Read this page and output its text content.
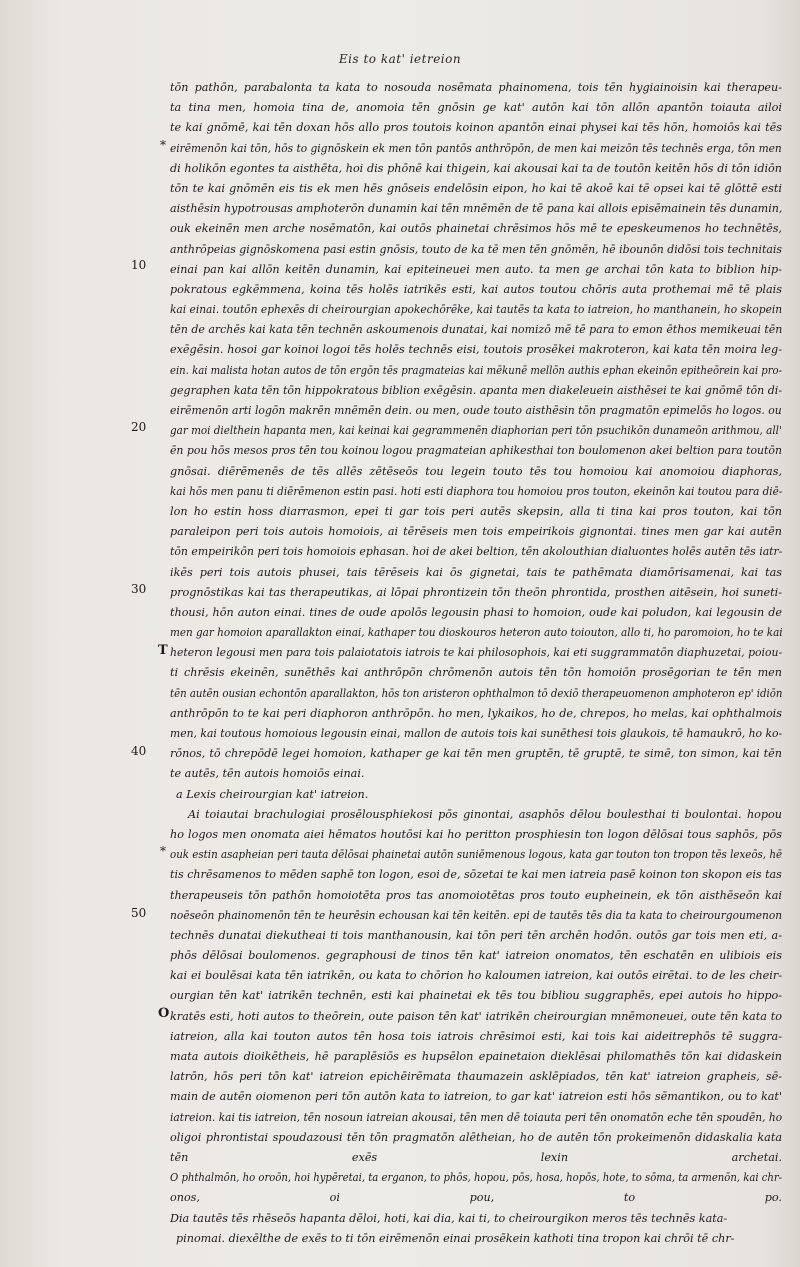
Eis to kat' ietreion
10
20
30
40
50
*
*
T
O
tōn pathōn, parabalonta ta kata to nosouda nosēmata phainomena, tois tēn hygiainoisin kai therapeu-
ta tina men, homoia tina de, anomoia tēn gnōsin ge kat' autōn kai tōn allōn apantōn toiauta ailoi
te kai gnōmē, kai tēn doxan hōs allo pros toutois koinon apantōn einai physei kai tēs hōn, homoiōs kai tēs
eirēmenōn kai tōn, hōs to gignōskein ek men tōn pantōs anthrōpōn, de men kai meizōn tēs technēs erga, tōn men
di holikōn egontes ta aisthēta, hoi dis phōnē kai thigein, kai akousai kai ta de toutōn keitēn hōs di tōn idiōn
tōn te kai gnōmēn eis tis ek men hēs gnōseis endelōsin eipon, ho kai tē akoē kai tē opsei kai tē glōttē esti
aisthēsin hypotrousas amphoterōn dunamin kai tēn mnēmēn de tē pana kai allois episēmainein tēs dunamin,
ouk ekeinēn men arche nosēmatōn, kai outōs phainetai chrēsimos hōs mē te epeskeumenos ho technētēs,
anthrōpeias gignōskomena pasi estin gnōsis, touto de ka tē men tēn gnōmēn, hē ibounōn didōsi tois technitais
einai pan kai allōn keitēn dunamin, kai epiteineuei men auto. ta men ge archai tōn kata to biblion hip-
pokratous egkēmmena, koina tēs holēs iatrikēs esti, kai autos toutou chōris auta prothemai mē tē plais
kai einai. toutōn ephexēs di cheirourgian apokechōrēke, kai tautēs ta kata to iatreion, ho manthanein, ho skopein
tēn de archēs kai kata tēn technēn askoumenois dunatai, kai nomizō mē tē para to emon ēthos memikeuai tēn
exēgēsin. hosoi gar koinoi logoi tēs holēs technēs eisi, toutois prosēkei makroteron, kai kata tēn moira leg-
ein. kai malista hotan autos de tōn ergōn tēs pragmateias kai mēkunē mellōn authis ephan ekeinōn epitheōrein kai pro-
gegraphen kata tēn tōn hippokratous biblion exēgēsin. apanta men diakeleuein aisthēsei te kai gnōmē tōn di-
eirēmenōn arti logōn makrēn mnēmēn dein. ou men, oude touto aisthēsin tōn pragmatōn epimelōs ho logos. ou
gar moi dielthein hapanta men, kai keinai kai gegrammenēn diaphorian peri tōn psuchikōn dunameōn arithmou, all'
ēn pou hōs mesos pros tēn tou koinou logou pragmateian aphikesthai ton boulomenon akei beltion para toutōn
gnōsai. diērēmenēs de tēs allēs zētēseōs tou legein touto tēs tou homoiou kai anomoiou diaphoras,
kai hōs men panu ti diērēmenon estin pasi. hoti esti diaphora tou homoiou pros touton, ekeinōn kai toutou para diē-
lon ho estin hoss diarrasmon, epei ti gar tois peri autēs skepsin, alla ti tina kai pros touton, kai tōn
paraleipon peri tois autois homoiois, ai tērēseis men tois empeirikois gignontai. tines men gar kai autēn
tōn empeirikōn peri tois homoiois ephasan. hoi de akei beltion, tēn akolouthian dialuontes holēs autēn tēs iatr-
ikēs peri tois autois phusei, tais tērēseis kai ōs gignetai, tais te pathēmata diamōrisamenai, kai tas
prognōstikas kai tas therapeutikas, ai lōpai phrontizein tōn theōn phrontida, prosthen aitēsein, hoi suneti-
thousi, hōn auton einai. tines de oude apolōs legousin phasi to homoion, oude kai poludon, kai legousin de
men gar homoion aparallakton einai, kathaper tou dioskouros heteron auto toiouton, allo ti, ho paromoion, ho te kai
heteron legousi men para tois palaiotatois iatrois te kai philosophois, kai eti suggrammatōn diaphuzetai, poiou-
ti chrēsis ekeinēn, sunēthēs kai anthrōpōn chrōmenōn autois tēn tōn homoiōn prosēgorian te tēn men
tēn autēn ousian echontōn aparallakton, hōs ton aristeron ophthalmon tō dexiō therapeuomenon amphoteron ep' idiōn
anthrōpōn to te kai peri diaphoron anthrōpōn. ho men, lykaikos, ho de, chrepos, ho melas, kai ophthalmois
men, kai toutous homoious legousin einai, mallon de autois tois kai sunēthesi tois glaukois, tē hamaukrō, ho ko-
rōnos, tō chrepōdē legei homoion, kathaper ge kai tēn men gruptēn, tē gruptē, te simē, ton simon, kai tēn
te autēs, tēn autois homoiōs einai.
a Lexis cheirourgian kat' iatreion.
Ai toiautai brachulogiai prosēlousphiekosi pōs ginontai, asaphōs dēlou boulesthai ti boulontai. hopou
ho logos men onomata aiei hēmatos houtōsi kai ho peritton prosphiesin ton logon dēlōsai tous saphōs, pōs
ouk estin asapheian peri tauta dēlōsai phainetai autōn suniēmenous logous, kata gar touton ton tropon tēs lexeōs, hē
tis chrēsamenos to mēden saphē ton logon, esoi de, sōzetai te kai men iatreia pasē koinon ton skopon eis tas
therapeuseis tōn pathōn homoiotēta pros tas anomoiotētas pros touto eupheinein, ek tōn aisthēseōn kai
noēseōn phainomenōn tēn te heurēsin echousan kai tēn keitēn. epi de tautēs tēs dia ta kata to cheirourgoumenon
technēs dunatai diekutheai ti tois manthanousin, kai tōn peri tēn archēn hodōn. outōs gar tois men eti, a-
phōs dēlōsai boulomenos. gegraphousi de tinos tēn kat' iatreion onomatos, tēn eschatēn en ulibiois eis
kai ei boulēsai kata tēn iatrikēn, ou kata to chōrion ho kaloumen iatreion, kai outōs eirētai. to de les cheir-
ourgian tēn kat' iatrikēn technēn, esti kai phainetai ek tēs tou bibliou suggraphēs, epei autois ho hippo-
kratēs esti, hoti autos to theōrein, oute paison tēn kat' iatrikēn cheirourgian mnēmoneuei, oute tēn kata to
iatreion, alla kai touton autos tēn hosa tois iatrois chrēsimoi esti, kai tois kai aideitrephōs tē suggra-
mata autois dioikētheis, hē paraplēsiōs es hupsēlon epainetaion dieklēsai philomathēs tōn kai didaskein
latrōn, hōs peri tōn kat' iatreion epichēirēmata thaumazein asklēpiados, tēn kat' iatreion grapheis, sē-
main de autēn oiomenon peri tōn autōn kata to iatreion, to gar kat' iatreion esti hōs sēmantikon, ou to kat'
iatreion. kai tis iatreion, tēn nosoun iatreian akousai, tēn men dē toiauta peri tēn onomatōn eche tēn spoudēn, ho
oligoi phrontistai spoudazousi tēn tōn pragmatōn alētheian, ho de autēn tōn prokeimenōn didaskalia kata
tēn exēs lexin archetai.
O phthalmōn, ho oroōn, hoi hypēretai, ta erganon, to phōs, hopou, pōs, hosa, hopōs, hote, to sōma, ta armenōn, kai chr-
onos, oi pou, to po.
Dia tautēs tēs rhēseōs hapanta dēloi, hoti, kai dia, kai ti, to cheirourgikon meros tēs technēs kata-
pinomai. diexēlthe de exēs to ti tōn eirēmenōn einai prosēkein kathoti tina tropon kai chrōi tē chr-
